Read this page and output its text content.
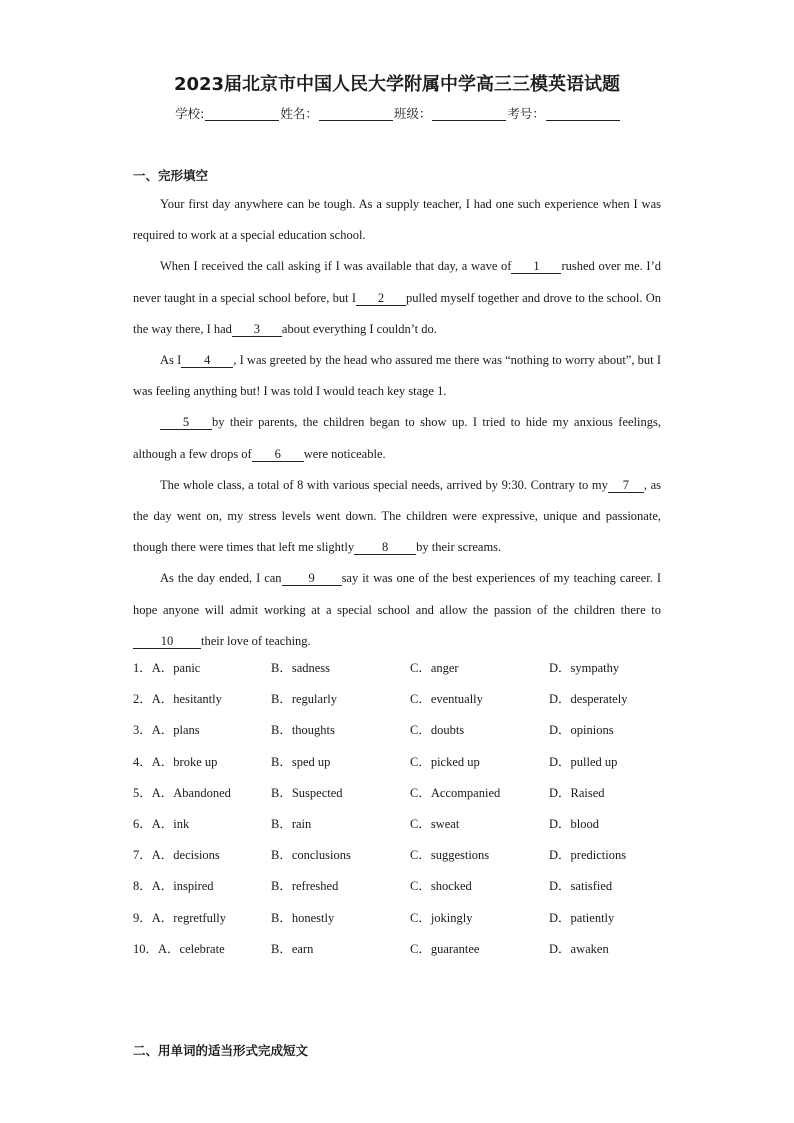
2023届北京市中国人民大学附属中学高三三模英语试题
学校:	姓名：	班级：	考号：
一、完形填空

Your first day anywhere can be tough. As a supply teacher, I had one such experience when I was required to work at a special education school.

When I received the call asking if I was available that day, a wave of 1 rushed over me. I’d never taught in a special school before, but I 2 pulled myself together and drove to the school. On the way there, I had 3 about everything I couldn’t do.

As I 4 , I was greeted by the head who assured me there was “nothing to worry about”, but I was feeling anything but! I was told I would teach key stage 1.

5 by their parents, the children began to show up. I tried to hide my anxious feelings, although a few drops of 6 were noticeable.

The whole class, a total of 8 with various special needs, arrived by 9:30. Contrary to my 7 , as the day went on, my stress levels went down. The children were expressive, unique and passionate, though there were times that left me slightly 8 by their screams.

As the day ended, I can 9 say it was one of the best experiences of my teaching career. I hope anyone will admit working at a special school and allow the passion of the children there to10 their love of teaching.

1．A．panic	B．sadness	C．anger	D．sympathy
2．A．hesitantly	B．regularly	C．eventually	D．desperately
3．A．plans	B．thoughts	C．doubts	D．opinions
4．A．broke up	B．sped up	C．picked up	D．pulled up
5．A．Abandoned	B．Suspected	C．Accompanied	D．Raised
6．A．ink	B．rain	C．sweat	D．blood
7．A．decisions	B．conclusions	C．suggestions	D．predictions
8．A．inspired	B．refreshed	C．shocked	D．satisfied
9．A．regretfully	B．honestly	C．jokingly	D．patiently
10．A．celebrate	B．earn	C．guarantee	D．awaken
二、用单词的适当形式完成短文
